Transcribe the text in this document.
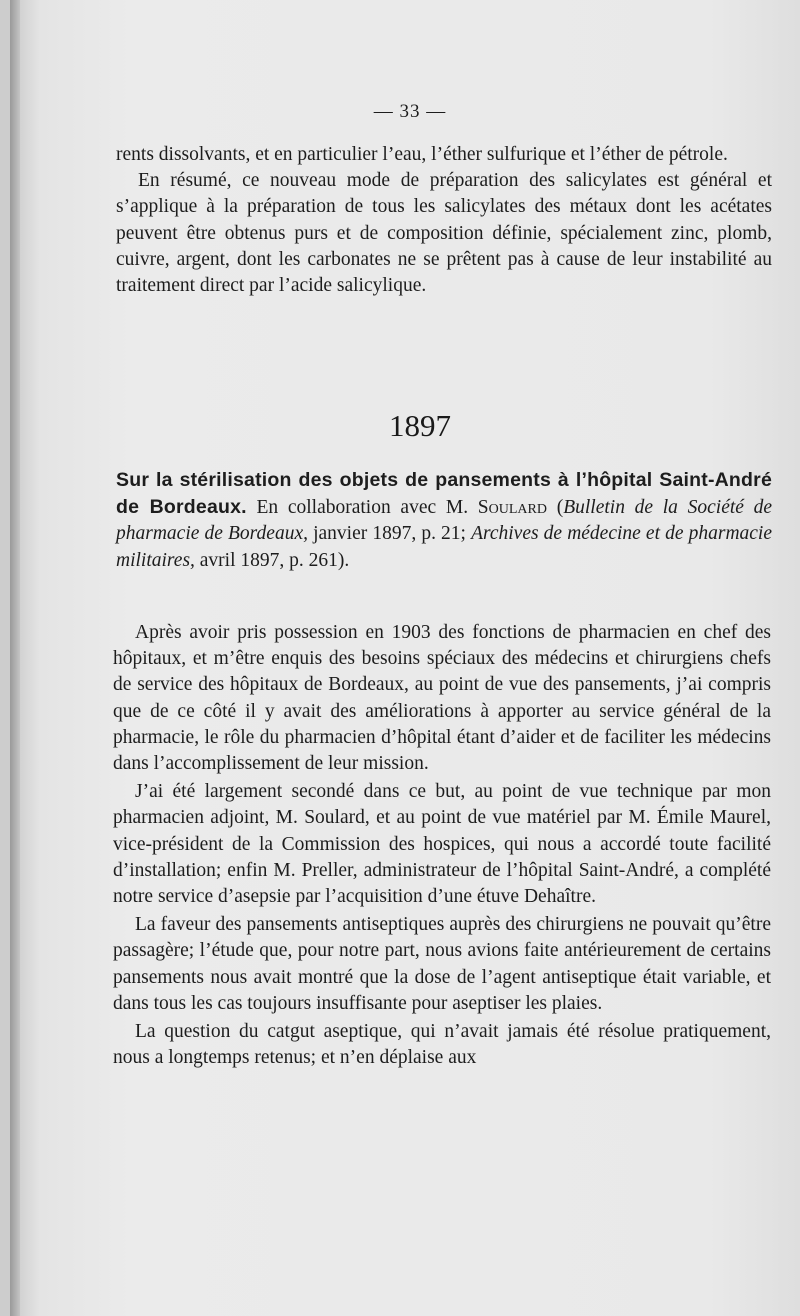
— 33 —

rents dissolvants, et en particulier l’eau, l’éther sulfurique et l’éther de pétrole.

En résumé, ce nouveau mode de préparation des salicylates est général et s’applique à la préparation de tous les salicylates des métaux dont les acétates peuvent être obtenus purs et de composition définie, spécialement zinc, plomb, cuivre, argent, dont les carbonates ne se prêtent pas à cause de leur instabilité au traitement direct par l’acide salicylique.

1897

Sur la stérilisation des objets de pansements à l’hôpital Saint-André de Bordeaux. En collaboration avec M. Soulard (Bulletin de la Société de pharmacie de Bordeaux, janvier 1897, p. 21; Archives de médecine et de pharmacie militaires, avril 1897, p. 261).

Après avoir pris possession en 1903 des fonctions de pharmacien en chef des hôpitaux, et m’être enquis des besoins spéciaux des médecins et chirurgiens chefs de service des hôpitaux de Bordeaux, au point de vue des pansements, j’ai compris que de ce côté il y avait des améliorations à apporter au service général de la pharmacie, le rôle du pharmacien d’hôpital étant d’aider et de faciliter les médecins dans l’accomplissement de leur mission.

J’ai été largement secondé dans ce but, au point de vue technique par mon pharmacien adjoint, M. Soulard, et au point de vue matériel par M. Émile Maurel, vice-président de la Commission des hospices, qui nous a accordé toute facilité d’installation; enfin M. Preller, administrateur de l’hôpital Saint-André, a complété notre service d’asepsie par l’acquisition d’une étuve Dehaître.

La faveur des pansements antiseptiques auprès des chirurgiens ne pouvait qu’être passagère; l’étude que, pour notre part, nous avions faite antérieurement de certains pansements nous avait montré que la dose de l’agent antiseptique était variable, et dans tous les cas toujours insuffisante pour aseptiser les plaies.

La question du catgut aseptique, qui n’avait jamais été résolue pratiquement, nous a longtemps retenus; et n’en déplaise aux
